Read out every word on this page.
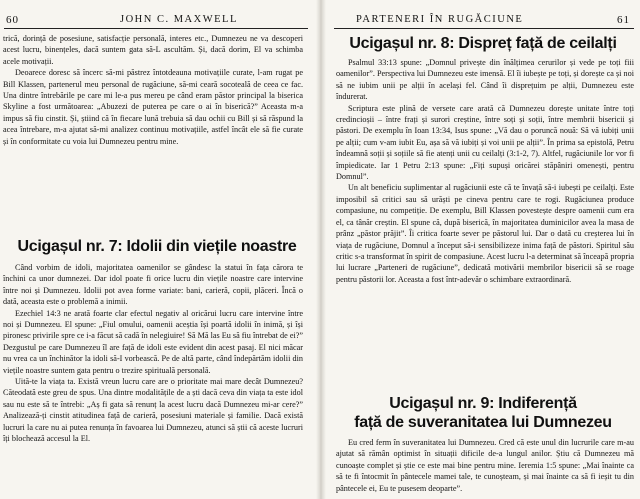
60	JOHN C. MAXWELL

trică, dorință de posesiune, satisfacție personală, interes etc., Dumnezeu ne va descoperi acest lucru, binențeles, dacă suntem gata să-L ascultăm. Și, dacă dorim, El va schimba acele motivații.

Deoarece doresc să încerc să-mi păstrez întotdeauna motivațiile curate, l-am rugat pe Bill Klassen, partenerul meu personal de rugăciune, să-mi ceară socoteală de ceea ce fac. Una dintre întrebările pe care mi le-a pus mereu pe când eram păstor principal la biserica Skyline a fost următoarea: „Abuzezi de puterea pe care o ai în biserică?” Aceasta m-a impus să fiu cinstit. Și, știind că în fiecare lună trebuia să dau ochii cu Bill și să răspund la acea întrebare, m-a ajutat să-mi analizez continuu motivațiile, astfel încât ele să fie curate și în conformitate cu voia lui Dumnezeu pentru mine.

Ucigașul nr. 7: Idolii din viețile noastre

Când vorbim de idoli, majoritatea oamenilor se gândesc la statui în fața cărora te închini ca unor dumnezei. Dar idol poate fi orice lucru din viețile noastre care intervine între noi și Dumnezeu. Idolii pot avea forme variate: bani, carieră, copii, plăceri. Încă o dată, aceasta este o problemă a inimii.

Ezechiel 14:3 ne arată foarte clar efectul negativ al oricărui lucru care intervine între noi și Dumnezeu. El spune: „Fiul omului, oamenii aceștia își poartă idolii în inimă, și își pironesc privirile spre ce i-a făcut să cadă în nelegiuire! Să Mă las Eu să fiu întrebat de ei?” Dezgustul pe care Dumnezeu îl are față de idoli este evident din acest pasaj. El nici măcar nu vrea ca un închinător la idoli să-I vorbească. Pe de altă parte, când îndepărtăm idolii din viețile noastre suntem gata pentru o trezire spirituală personală.

Uită-te la viața ta. Există vreun lucru care are o prioritate mai mare decât Dumnezeu? Căteodată este greu de spus. Una dintre modalitățile de a ști dacă ceva din viața ta este idol sau nu este să te întrebi: „Aș fi gata să renunț la acest lucru dacă Dumnezeu mi-ar cere?” Analizează-ți cinstit atitudinea față de carieră, posesiuni materiale și familie. Dacă există lucruri la care nu ai putea renunța în favoarea lui Dumnezeu, atunci să știi că aceste lucruri îți blochează accesul la El.

PARTENERI ÎN RUGĂCIUNE	61
Ucigașul nr. 8: Dispreț față de ceilalți

Psalmul 33:13 spune: „Domnul privește din înălțimea cerurilor și vede pe toți fiii oamenilor”. Perspectiva lui Dumnezeu este imensă. El îi iubește pe toți, și dorește ca și noi să ne iubim unii pe alții în același fel. Când îi disprețuim pe alții, Dumnezeu este îndurerat.

Scriptura este plină de versete care arată că Dumnezeu dorește unitate între toți credincioșii – între frați și surori creștine, între soți și soții, între membrii bisericii și păstori. De exemplu în Ioan 13:34, Isus spune: „Vă dau o poruncă nouă: Să vă iubiți unii pe alții; cum v-am iubit Eu, așa să vă iubiți și voi unii pe alții”. În prima sa epistolă, Petru îndeamnă soții și soțiile să fie atenți unii cu ceilalți (3:1-2, 7). Altfel, rugăciunile lor vor fi împiedicate. Iar 1 Petru 2:13 spune: „Fiți supuși oricărei stăpâniri omenești, pentru Domnul”.

Un alt beneficiu suplimentar al rugăciunii este că te învață să-i iubești pe ceilalți. Este imposibil să critici sau să urăști pe cineva pentru care te rogi. Rugăciunea produce compasiune, nu competiție. De exemplu, Bill Klassen povestește despre oamenii cum era el, ca tânăr creștin. El spune că, după biserică, în majoritatea duminicilor avea la masa de prânz „păstor prăjit”. Îi critica foarte sever pe păstorul lui. Dar o dată cu creșterea lui în viața de rugăciune, Domnul a început să-i sensibilizeze inima față de păstori. Spiritul său critic s-a transformat în spirit de compasiune. Acest lucru l-a determinat să înceapă propria lui lucrare „Parteneri de rugăciune”, dedicată motivării membrilor bisericii să se roage pentru păstorii lor. Aceasta a fost într-adevăr o schimbare extraordinară.

Ucigașul nr. 9: Indiferență
față de suveranitatea lui Dumnezeu

Eu cred ferm în suveranitatea lui Dumnezeu. Cred că este unul din lucrurile care m-au ajutat să rămân optimist în situații dificile de-a lungul anilor. Știu că Dumnezeu mă cunoaște complet și știe ce este mai bine pentru mine. Ieremia 1:5 spune: „Mai înainte ca să te fi întocmit în pântecele mamei tale, te cunoșteam, și mai înainte ca să fi ieșit tu din pântecele ei, Eu te pusesem deoparte”.
